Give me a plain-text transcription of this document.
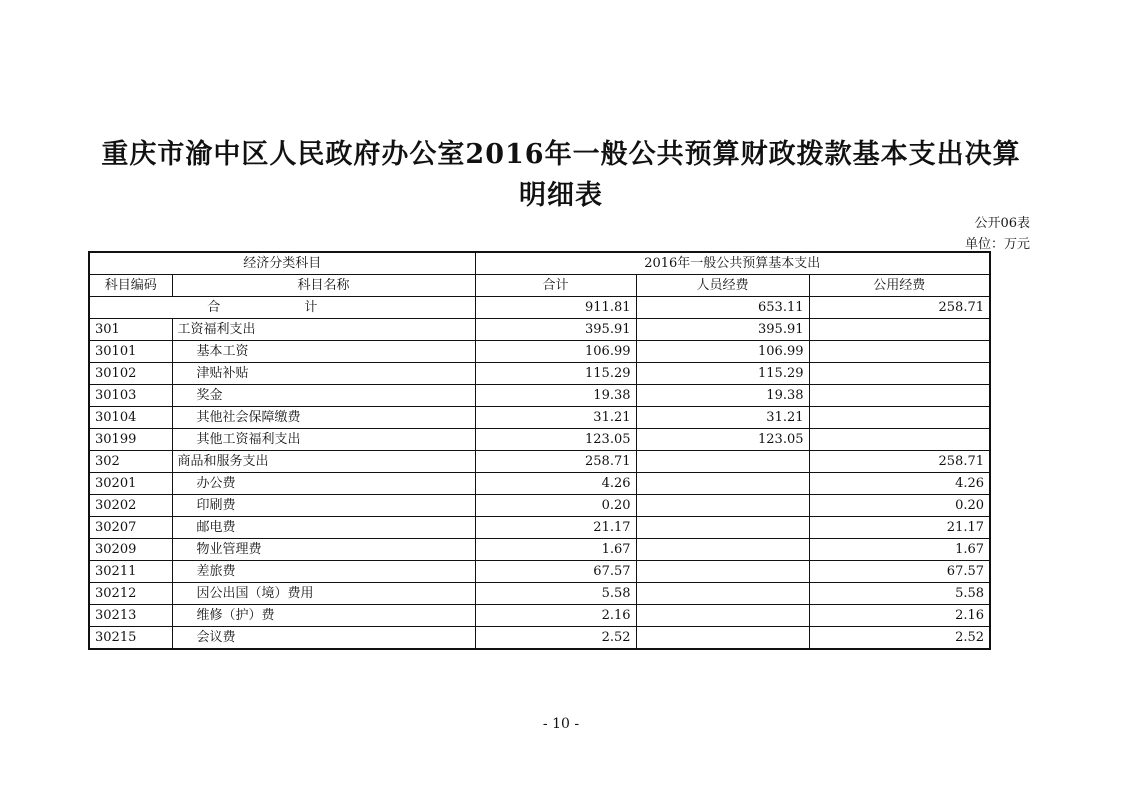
重庆市渝中区人民政府办公室2016年一般公共预算财政拨款基本支出决算
明细表
公开06表
单位：万元
经济分类科目		2016年一般公共预算基本支出		
科目编码	科目名称	合计	人员经费	公用经费
合 计		911.81	653.11	258.71
301	工资福利支出	395.91	395.91	
30101	基本工资	106.99	106.99	
30102	津贴补贴	115.29	115.29	
30103	奖金	19.38	19.38	
30104	其他社会保障缴费	31.21	31.21	
30199	其他工资福利支出	123.05	123.05	
302	商品和服务支出	258.71		258.71
30201	办公费	4.26		4.26
30202	印刷费	0.20		0.20
30207	邮电费	21.17		21.17
30209	物业管理费	1.67		1.67
30211	差旅费	67.57		67.57
30212	因公出国（境）费用	5.58		5.58
30213	维修（护）费	2.16		2.16
30215	会议费	2.52		2.52
- 10 -
